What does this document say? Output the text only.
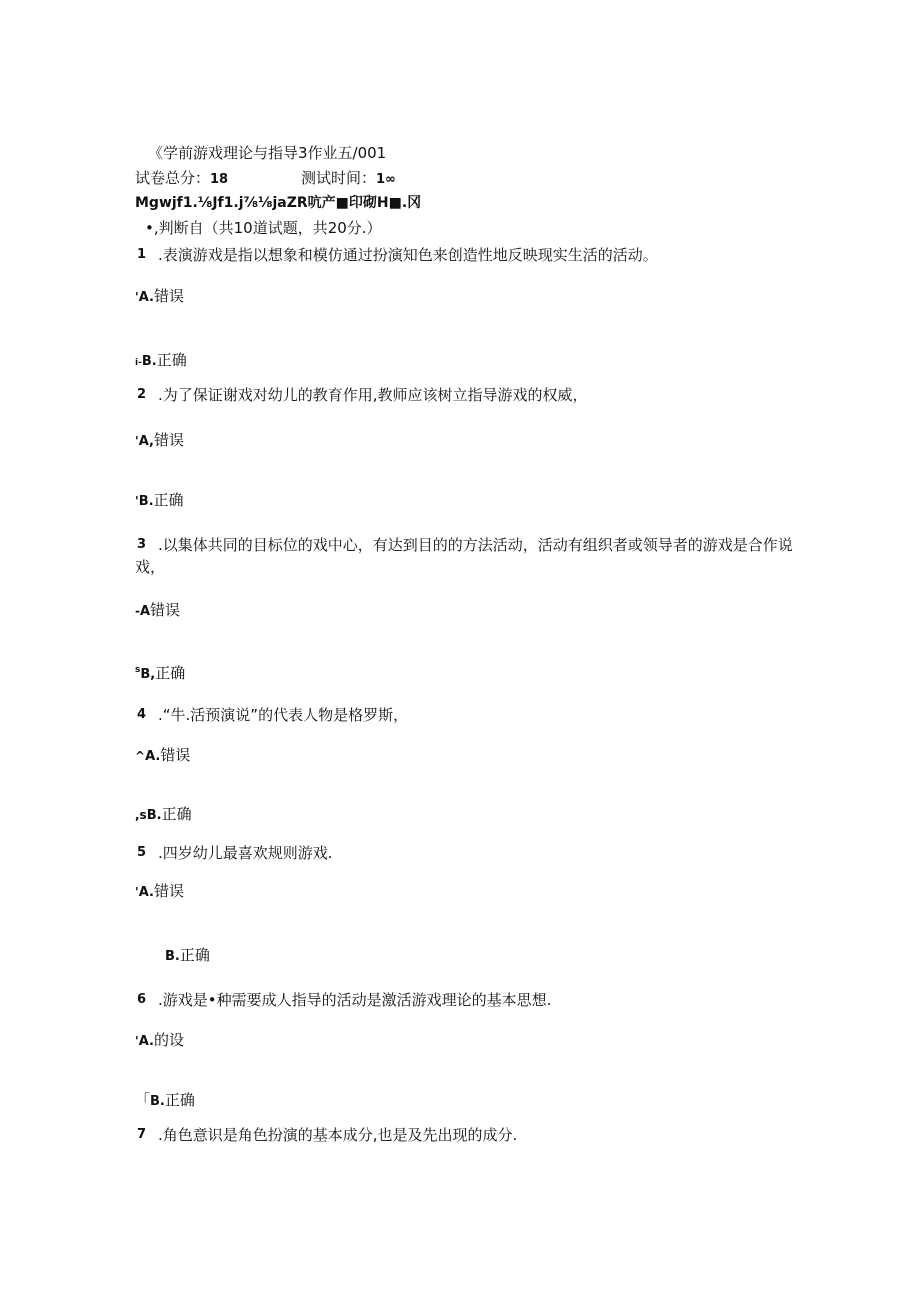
《学前游戏理论与指导3作业五/001
试卷总分：18	测试时间：1∞
Mgwjf1.⅛Jf1.j⅞⅛jaZR吭产■印砌H■.冈
•,判断自（共10道试题，共20分.）
1 .表演游戏是指以想象和模仿通过扮演知色来创造性地反映现实生活的活动。
'A.错误
i-B.正确
2 .为了保证谢戏对幼儿的教育作用,教师应该树立指导游戏的权威，
'A,错误
'B.正确
3 .以集体共同的目标位的戏中心，有达到目的的方法活动，活动有组织者或领导者的游戏是合作说戏，
-A错误
$^s$B,正确
4 .“牛.活预演说”的代表人物是格罗斯，
^A.错误
,sB.正确
5 .四岁幼儿最喜欢规则游戏.
'A.错误
B.正确
6 .游戏是•种需要成人指导的活动是激活游戏理论的基本思想.
'A.的设
「B.正确
7 .角色意识是角色扮演的基本成分,也是及先出现的成分.
